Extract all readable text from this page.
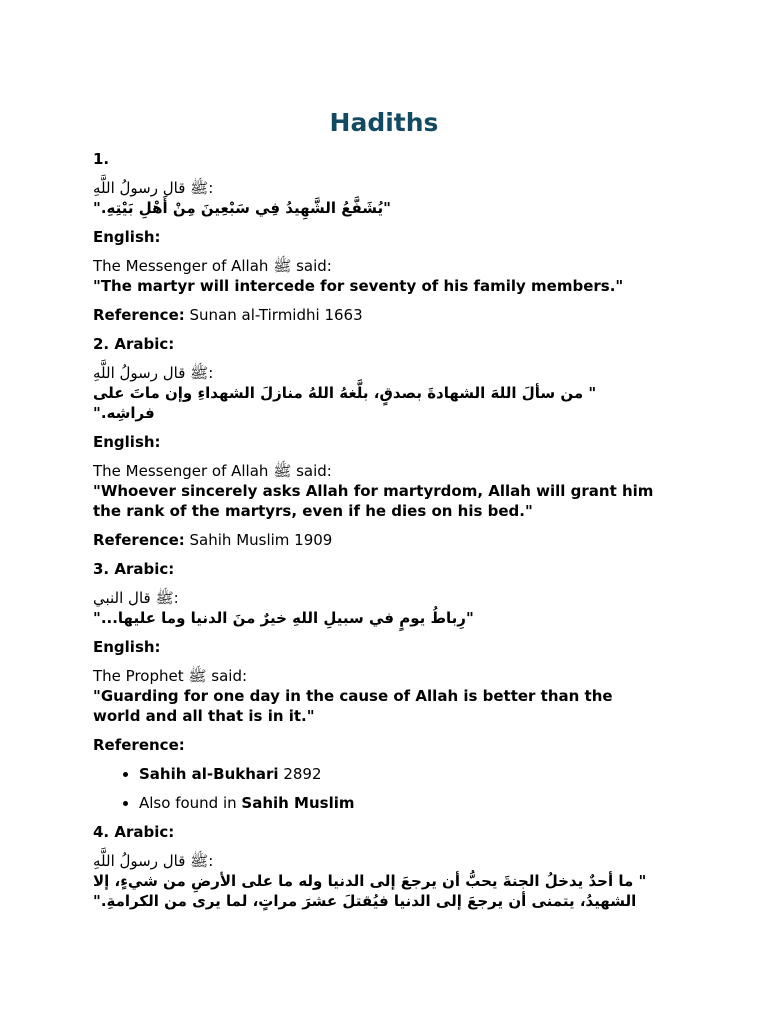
Hadiths

1.

ﷺ قال رسولُ اللَّهِ:

"يُشَفَّعُ الشَّهِيدُ فِي سَبْعِينَ مِنْ أَهْلِ بَيْتِهِ."

English:

The Messenger of Allah ﷺ said:

"The martyr will intercede for seventy of his family members."

Reference: Sunan al-Tirmidhi 1663

2. Arabic:

ﷺ قال رسولُ اللَّهِ:

" من سألَ اللهَ الشهادةَ بصدقٍ، بلَّغهُ اللهُ منازلَ الشهداءِ وإن ماتَ على

فراشِه."

English:

The Messenger of Allah ﷺ said:

"Whoever sincerely asks Allah for martyrdom, Allah will grant him

the rank of the martyrs, even if he dies on his bed."

Reference: Sahih Muslim 1909

3. Arabic:

ﷺ قال النبي:

"رِباطُ يومٍ في سبيلِ اللهِ خيرٌ منَ الدنيا وما عليها..."

English:

The Prophet ﷺ said:

"Guarding for one day in the cause of Allah is better than the

world and all that is in it."

Reference:

• Sahih al-Bukhari 2892
• Also found in Sahih Muslim

4. Arabic:

ﷺ قال رسولُ اللَّهِ:

" ما أحدٌ يدخلُ الجنةَ يحبُّ أن يرجعَ إلى الدنيا وله ما على الأرضِ من شيءٍ، إلا

الشهيدُ، يتمنى أن يرجعَ إلى الدنيا فيُقتلَ عشرَ مراتٍ، لما يرى من الكرامةِ."
